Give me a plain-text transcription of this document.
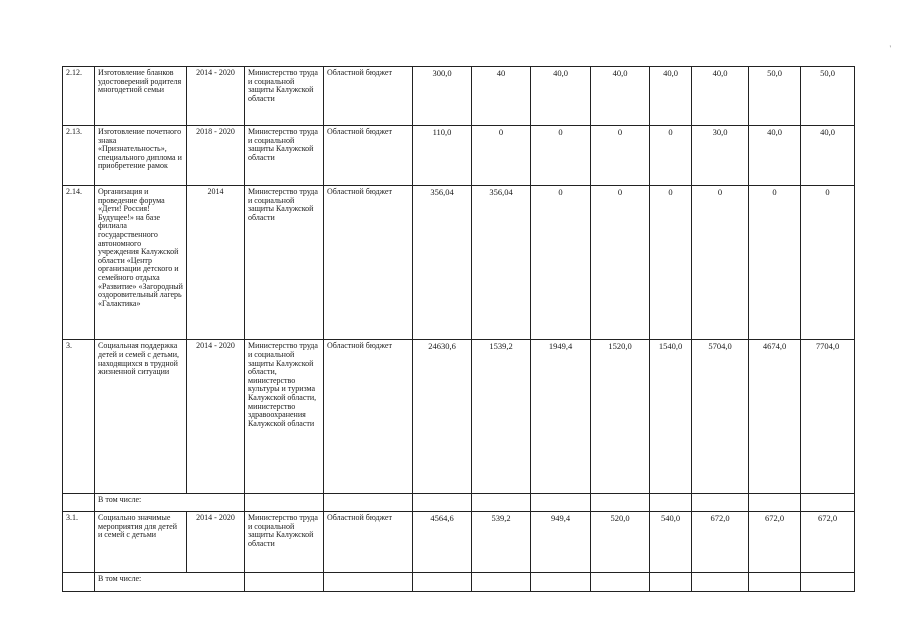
'
2.12.	Изготовление бланков удостоверений родителя многодетной семьи	2014 - 2020	Министерство труда и социальной защиты Калужской области	Областной бюджет	300,0	40	40,0	40,0	40,0	40,0	50,0	50,0
2.13.	Изготовление почетного знака «Признательность», специального диплома и приобретение рамок	2018 - 2020	Министерство труда и социальной защиты Калужской области	Областной бюджет	110,0	0	0	0	0	30,0	40,0	40,0
2.14.	Организация и проведение форума «Дети! Россия! Будущее!» на базе филиала государственного автономного учреждения Калужской области «Центр организации детского и семейного отдыха «Развитие» «Загородный оздоровительный лагерь «Галактика»	2014	Министерство труда и социальной защиты Калужской области	Областной бюджет	356,04	356,04	0	0	0	0	0	0
3.	Социальная поддержка детей и семей с детьми, находящихся в трудной жизненной ситуации	2014 - 2020	Министерство труда и социальной защиты Калужской области, министерство культуры и туризма Калужской области, министерство здравоохранения Калужской области	Областной бюджет	24630,6	1539,2	1949,4	1520,0	1540,0	5704,0	4674,0	7704,0
	В том числе:											
3.1.	Социально значимые мероприятия для детей и семей с детьми	2014 - 2020	Министерство труда и социальной защиты Калужской области	Областной бюджет	4564,6	539,2	949,4	520,0	540,0	672,0	672,0	672,0
	В том числе:											
